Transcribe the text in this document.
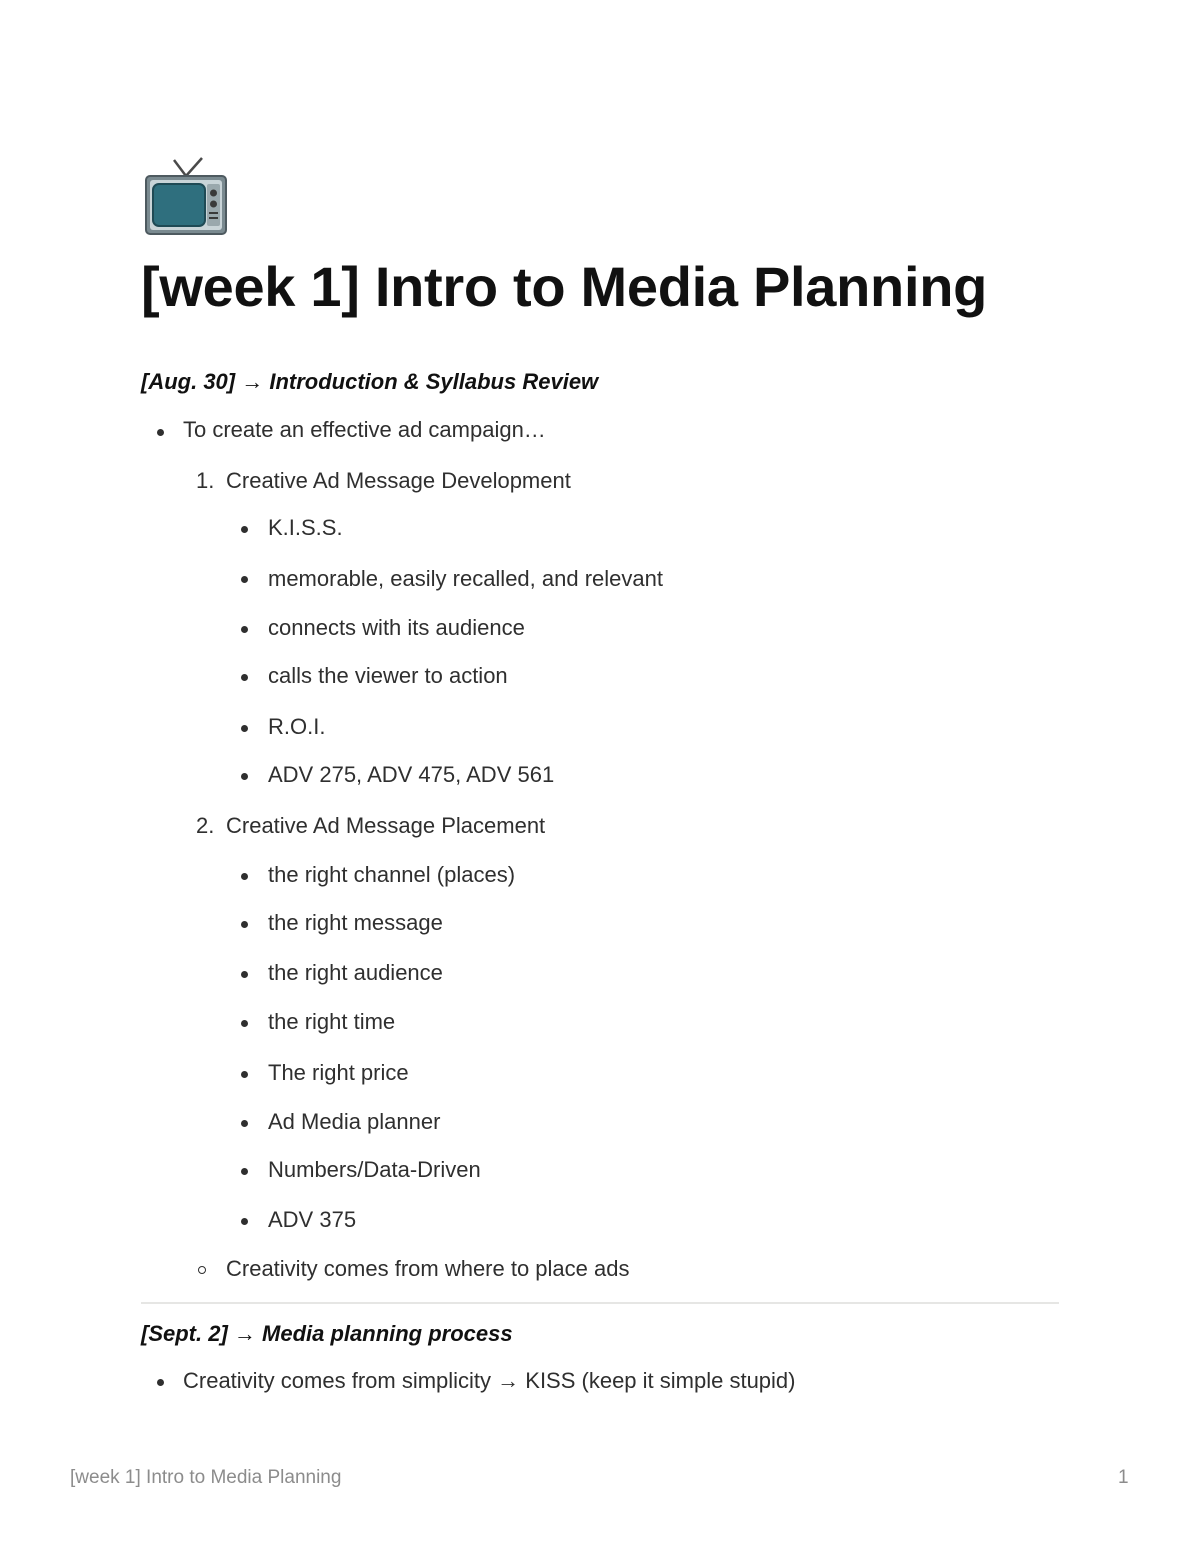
[week 1] Intro to Media Planning
[Aug. 30] → Introduction & Syllabus Review
To create an effective ad campaign…
1. Creative Ad Message Development
K.I.S.S.
memorable, easily recalled, and relevant
connects with its audience
calls the viewer to action
R.O.I.
ADV 275, ADV 475, ADV 561
2. Creative Ad Message Placement
the right channel (places)
the right message
the right audience
the right time
The right price
Ad Media planner
Numbers/Data-Driven
ADV 375
Creativity comes from where to place ads
[Sept. 2] → Media planning process
Creativity comes from simplicity → KISS (keep it simple stupid)
[week 1] Intro to Media Planning	1
